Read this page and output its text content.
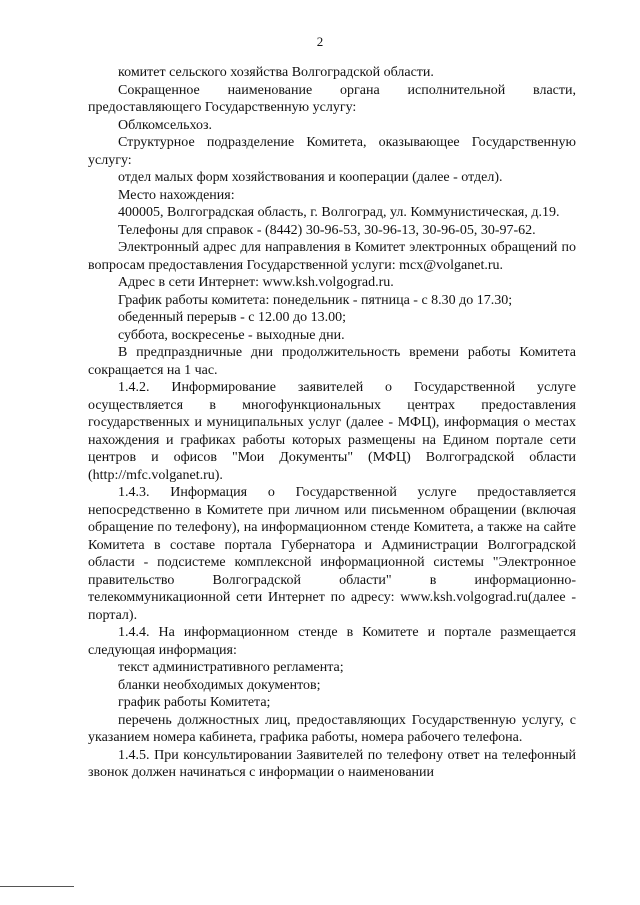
2

комитет сельского хозяйства Волгоградской области.

Сокращенное наименование органа исполнительной власти, предоставляющего Государственную услугу:

Облкомсельхоз.

Структурное подразделение Комитета, оказывающее Государственную услугу:

отдел малых форм хозяйствования и кооперации (далее - отдел).

Место нахождения:

400005, Волгоградская область, г. Волгоград, ул. Коммунистическая, д.19.

Телефоны для справок - (8442) 30-96-53, 30-96-13, 30-96-05, 30-97-62.

Электронный адрес для направления в Комитет электронных обращений по вопросам предоставления Государственной услуги: mcx@volganet.ru.

Адрес в сети Интернет: www.ksh.volgograd.ru.

График работы комитета: понедельник - пятница - с 8.30 до 17.30;

обеденный перерыв - с 12.00 до 13.00;

суббота, воскресенье - выходные дни.

В предпраздничные дни продолжительность времени работы Комитета сокращается на 1 час.

1.4.2. Информирование заявителей о Государственной услуге осуществляется в многофункциональных центрах предоставления государственных и муниципальных услуг (далее - МФЦ), информация о местах нахождения и графиках работы которых размещены на Едином портале сети центров и офисов "Мои Документы" (МФЦ) Волгоградской области (http://mfc.volganet.ru).

1.4.3. Информация о Государственной услуге предоставляется непосредственно в Комитете при личном или письменном обращении (включая обращение по телефону), на информационном стенде Комитета, а также на сайте Комитета в составе портала Губернатора и Администрации Волгоградской области - подсистеме комплексной информационной системы "Электронное правительство Волгоградской области" в информационно-телекоммуникационной сети Интернет по адресу: www.ksh.volgograd.ru(далее - портал).

1.4.4. На информационном стенде в Комитете и портале размещается следующая информация:

текст административного регламента;

бланки необходимых документов;

график работы Комитета;

перечень должностных лиц, предоставляющих Государственную услугу, с указанием номера кабинета, графика работы, номера рабочего телефона.

1.4.5. При консультировании Заявителей по телефону ответ на телефонный звонок должен начинаться с информации о наименовании
